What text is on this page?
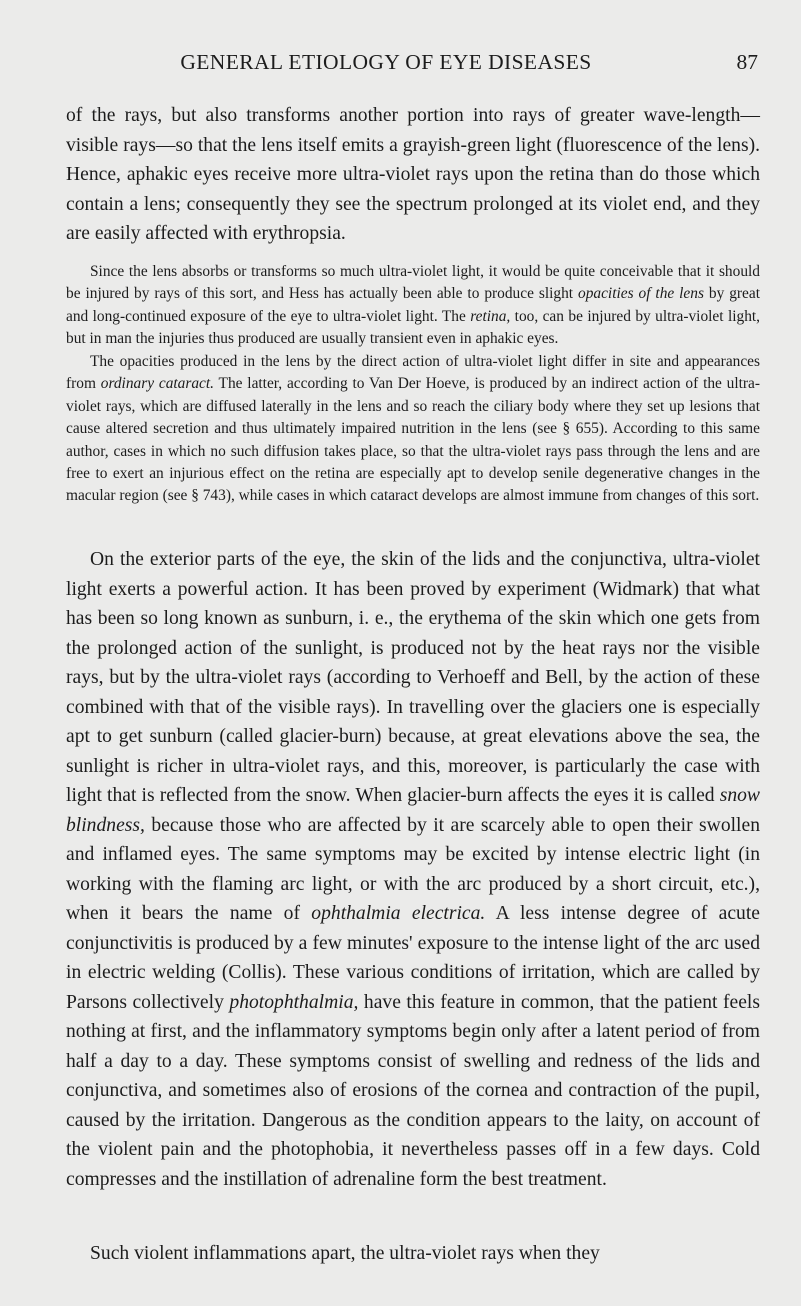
GENERAL ETIOLOGY OF EYE DISEASES	87

of the rays, but also transforms another portion into rays of greater wave-length—visible rays—so that the lens itself emits a grayish-green light (fluorescence of the lens). Hence, aphakic eyes receive more ultra-violet rays upon the retina than do those which contain a lens; consequently they see the spectrum prolonged at its violet end, and they are easily affected with erythropsia.

Since the lens absorbs or transforms so much ultra-violet light, it would be quite conceivable that it should be injured by rays of this sort, and Hess has actually been able to produce slight opacities of the lens by great and long-continued exposure of the eye to ultra-violet light. The retina, too, can be injured by ultra-violet light, but in man the injuries thus produced are usually transient even in aphakic eyes.

The opacities produced in the lens by the direct action of ultra-violet light differ in site and appearances from ordinary cataract. The latter, according to Van Der Hoeve, is produced by an indirect action of the ultra-violet rays, which are diffused laterally in the lens and so reach the ciliary body where they set up lesions that cause altered secretion and thus ultimately impaired nutrition in the lens (see § 655). According to this same author, cases in which no such diffusion takes place, so that the ultra-violet rays pass through the lens and are free to exert an injurious effect on the retina are especially apt to develop senile degenerative changes in the macular region (see § 743), while cases in which cataract develops are almost immune from changes of this sort.

On the exterior parts of the eye, the skin of the lids and the conjunctiva, ultra-violet light exerts a powerful action. It has been proved by experiment (Widmark) that what has been so long known as sunburn, i. e., the erythema of the skin which one gets from the prolonged action of the sunlight, is produced not by the heat rays nor the visible rays, but by the ultra-violet rays (according to Verhoeff and Bell, by the action of these combined with that of the visible rays). In travelling over the glaciers one is especially apt to get sunburn (called glacier-burn) because, at great elevations above the sea, the sunlight is richer in ultra-violet rays, and this, moreover, is particularly the case with light that is reflected from the snow. When glacier-burn affects the eyes it is called snow blindness, because those who are affected by it are scarcely able to open their swollen and inflamed eyes. The same symptoms may be excited by intense electric light (in working with the flaming arc light, or with the arc produced by a short circuit, etc.), when it bears the name of ophthalmia electrica. A less intense degree of acute conjunctivitis is produced by a few minutes' exposure to the intense light of the arc used in electric welding (Collis). These various conditions of irritation, which are called by Parsons collectively photophthalmia, have this feature in common, that the patient feels nothing at first, and the inflammatory symptoms begin only after a latent period of from half a day to a day. These symptoms consist of swelling and redness of the lids and conjunctiva, and sometimes also of erosions of the cornea and contraction of the pupil, caused by the irritation. Dangerous as the condition appears to the laity, on account of the violent pain and the photophobia, it nevertheless passes off in a few days. Cold compresses and the instillation of adrenaline form the best treatment.

Such violent inflammations apart, the ultra-violet rays when they
